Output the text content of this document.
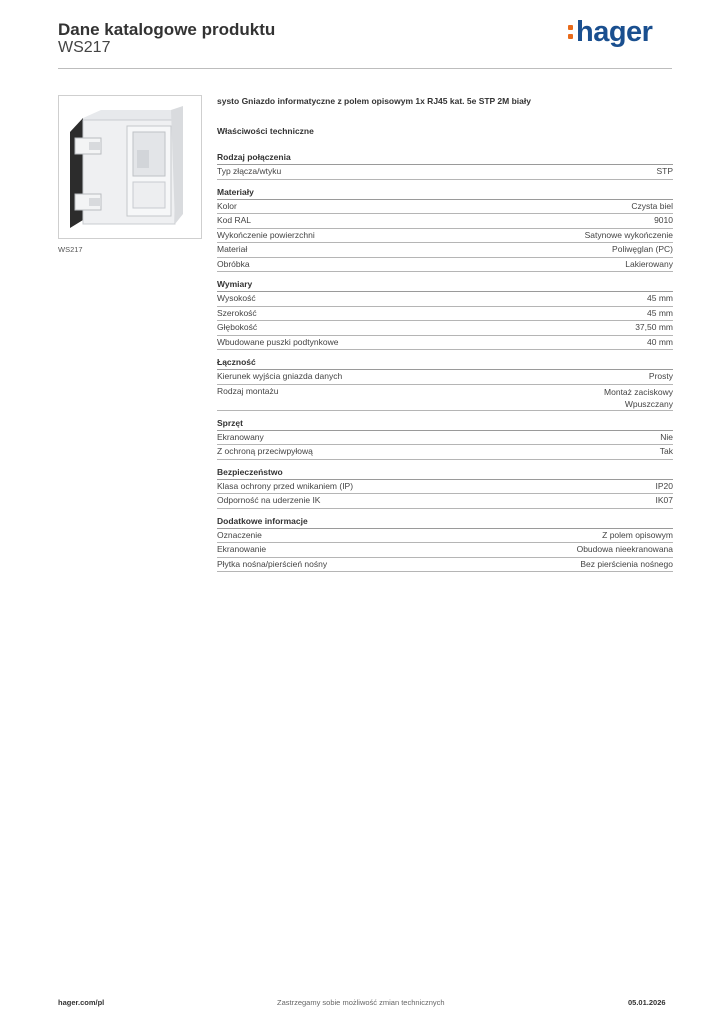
Dane katalogowe produktu
WS217	hager
WS217
systo Gniazdo informatyczne z polem opisowym 1x RJ45 kat. 5e STP 2M biały
Właściwości techniczne
Rodzaj połączenia
Typ złącza/wtyku	STP
Materiały
Kolor	Czysta biel
Kod RAL	9010
Wykończenie powierzchni	Satynowe wykończenie
Materiał	Poliwęglan (PC)
Obróbka	Lakierowany
Wymiary
Wysokość	45 mm
Szerokość	45 mm
Głębokość	37,50 mm
Wbudowane puszki podtynkowe	40 mm
Łączność
Kierunek wyjścia gniazda danych	Prosty
Rodzaj montażu	Montaż zaciskowy
Wpuszczany
Sprzęt
Ekranowany	Nie
Z ochroną przeciwpyłową	Tak
Bezpieczeństwo
Klasa ochrony przed wnikaniem (IP)	IP20
Odporność na uderzenie IK	IK07
Dodatkowe informacje
Oznaczenie	Z polem opisowym
Ekranowanie	Obudowa nieekranowana
Płytka nośna/pierścień nośny	Bez pierścienia nośnego
hager.com/pl	Zastrzegamy sobie możliwość zmian technicznych	05.01.2026
